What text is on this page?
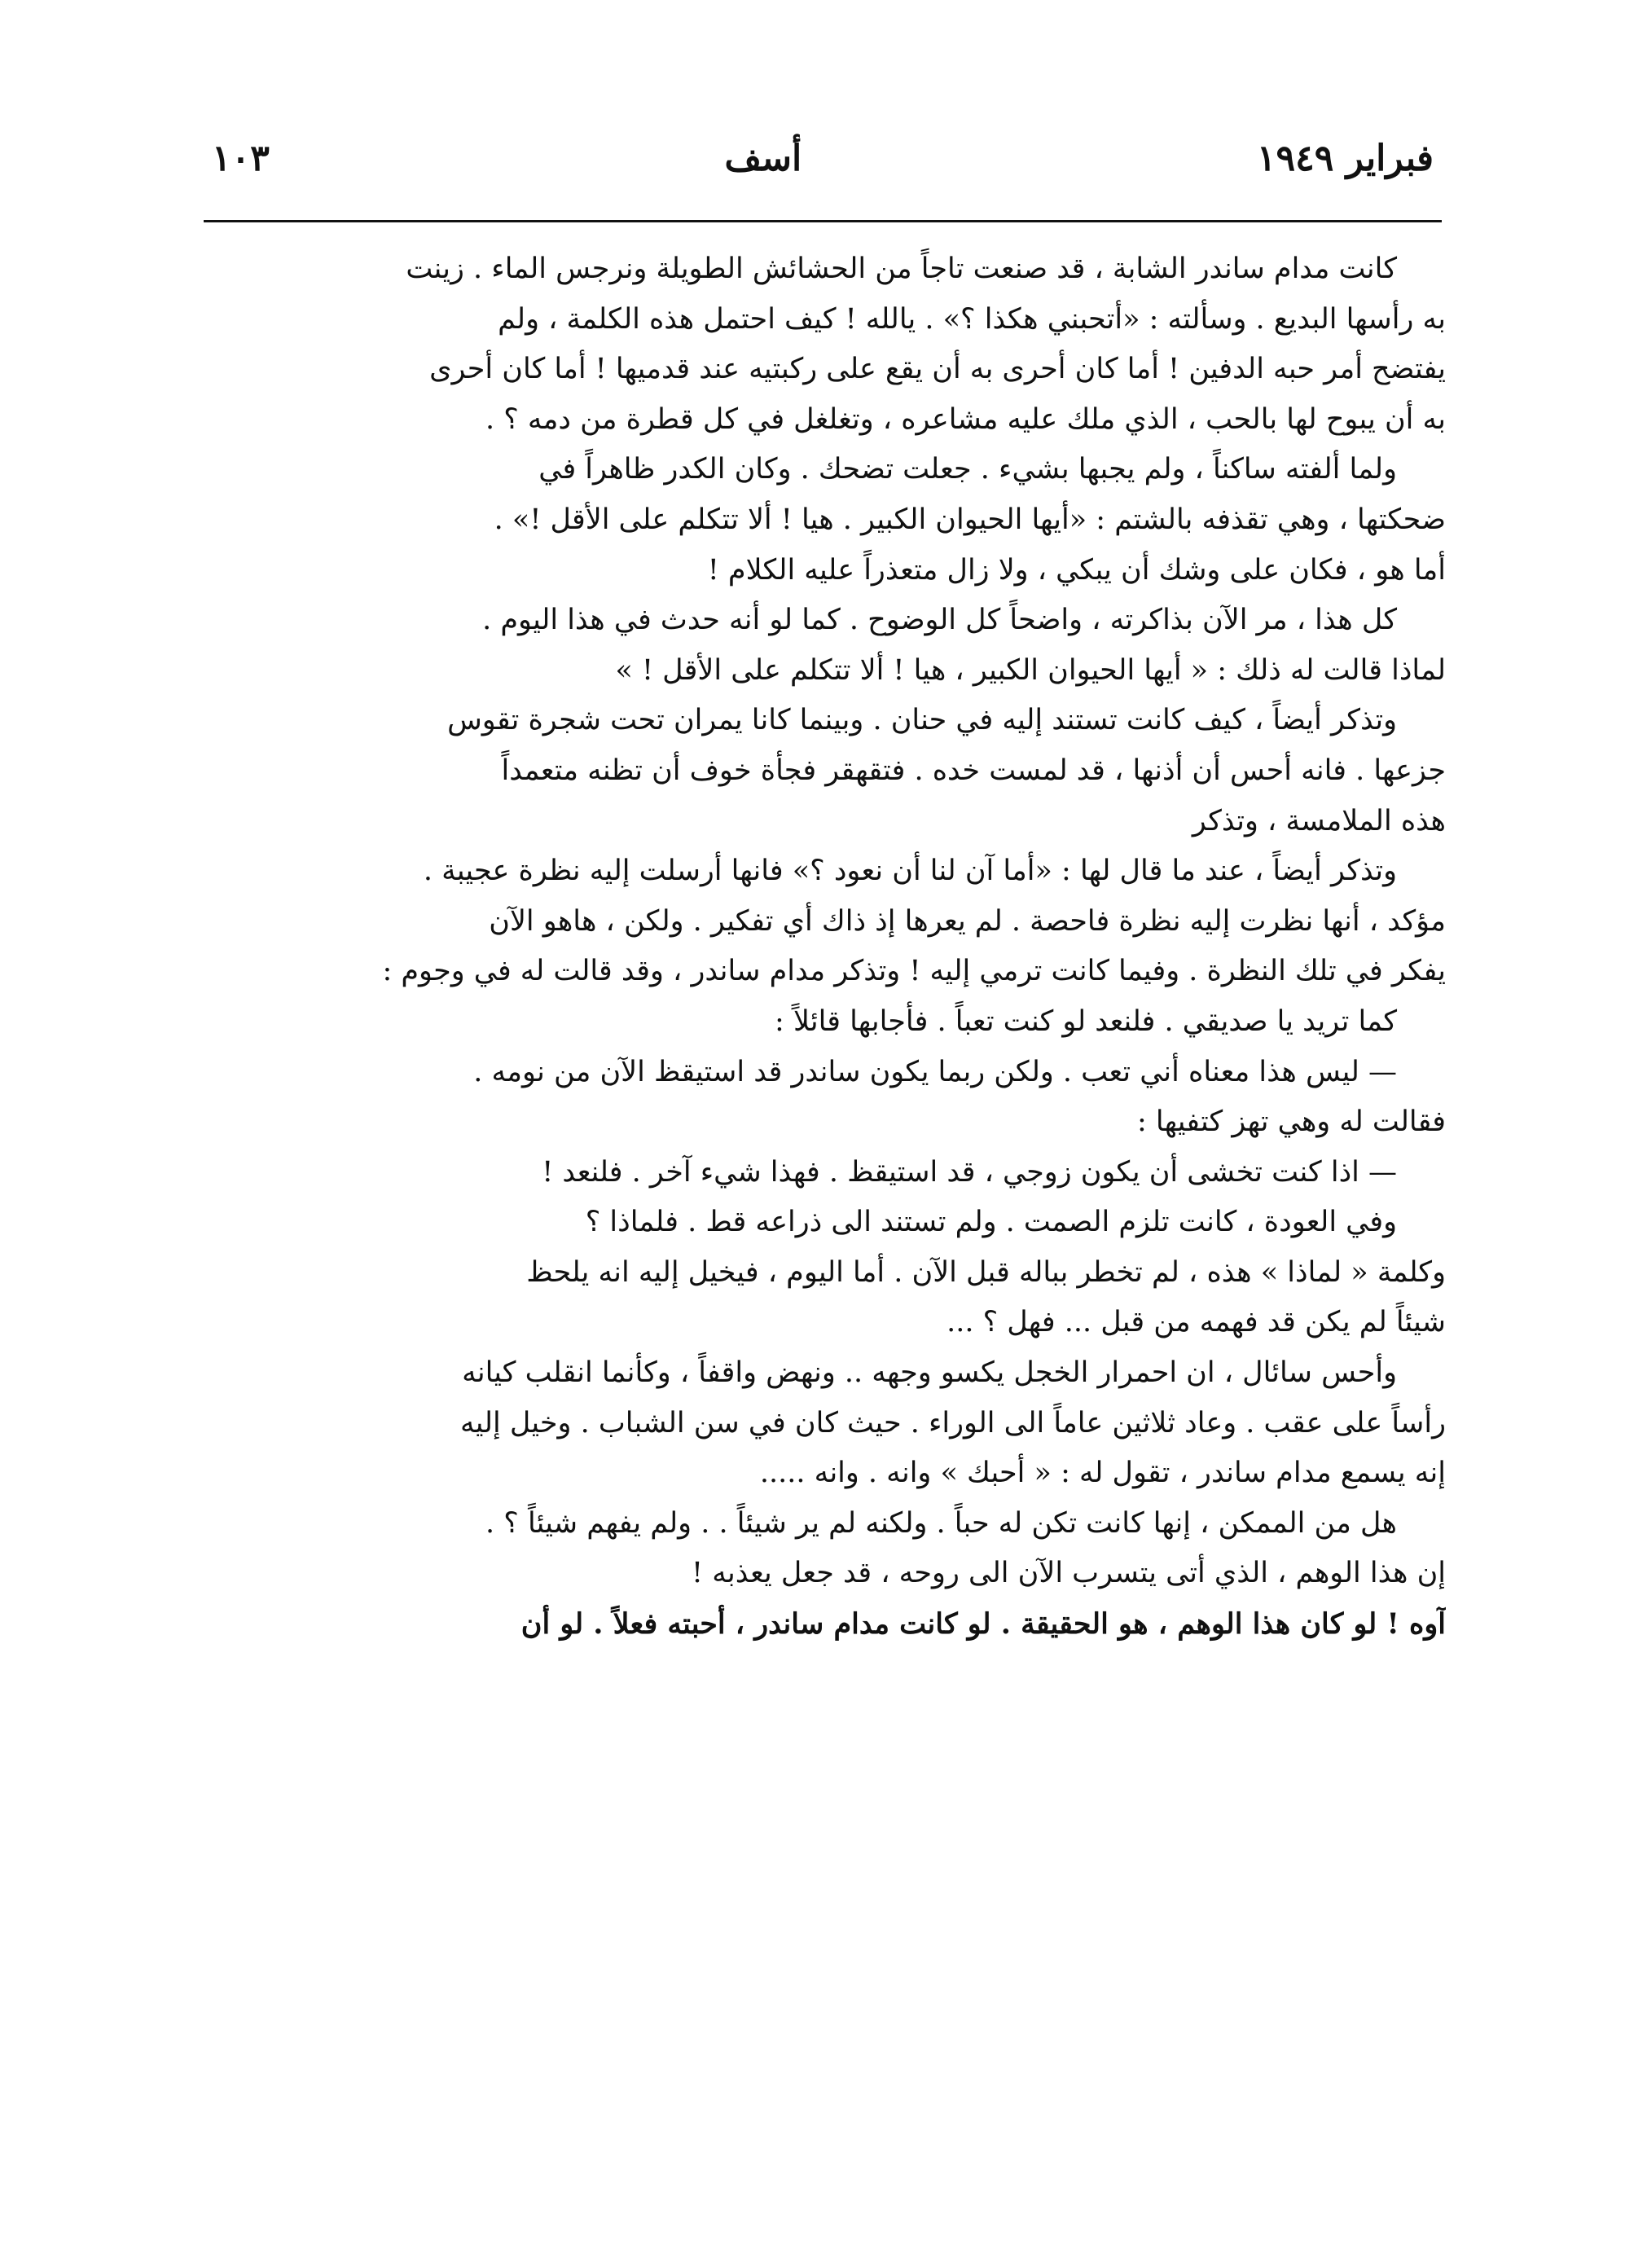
فبراير ١٩٤٩
أسف
١٠٣
كانت مدام ساندر الشابة ، قد صنعت تاجاً من الحشائش الطويلة ونرجس الماء . زينت
به رأسها البديع . وسألته : «أتحبني هكذا ؟» . يالله ! كيف احتمل هذه الكلمة ، ولم
يفتضح أمر حبه الدفين ! أما كان أحرى به أن يقع على ركبتيه عند قدميها ! أما كان أحرى
به أن يبوح لها بالحب ، الذي ملك عليه مشاعره ، وتغلغل في كل قطرة من دمه ؟ .
ولما ألفته ساكناً ، ولم يجبها بشيء . جعلت تضحك . وكان الكدر ظاهراً في
ضحكتها ، وهي تقذفه بالشتم : «أيها الحيوان الكبير . هيا ! ألا تتكلم على الأقل !» .
أما هو ، فكان على وشك أن يبكي ، ولا زال متعذراً عليه الكلام !
كل هذا ، مر الآن بذاكرته ، واضحاً كل الوضوح . كما لو أنه حدث في هذا اليوم .
لماذا قالت له ذلك : « أيها الحيوان الكبير ، هيا ! ألا تتكلم على الأقل ! »
وتذكر أيضاً ، كيف كانت تستند إليه في حنان . وبينما كانا يمران تحت شجرة تقوس
جزعها . فانه أحس أن أذنها ، قد لمست خده . فتقهقر فجأة خوف أن تظنه متعمداً
هذه الملامسة ، وتذكر
وتذكر أيضاً ، عند ما قال لها : «أما آن لنا أن نعود ؟» فانها أرسلت إليه نظرة عجيبة .
مؤكد ، أنها نظرت إليه نظرة فاحصة . لم يعرها إذ ذاك أي تفكير . ولكن ، هاهو الآن
يفكر في تلك النظرة . وفيما كانت ترمي إليه ! وتذكر مدام ساندر ، وقد قالت له في وجوم :
كما تريد يا صديقي . فلنعد لو كنت تعباً . فأجابها قائلاً :
— ليس هذا معناه أني تعب . ولكن ربما يكون ساندر قد استيقظ الآن من نومه .
فقالت له وهي تهز كتفيها :
— اذا كنت تخشى أن يكون زوجي ، قد استيقظ . فهذا شيء آخر . فلنعد !
وفي العودة ، كانت تلزم الصمت . ولم تستند الى ذراعه قط . فلماذا ؟
وكلمة « لماذا » هذه ، لم تخطر بباله قبل الآن . أما اليوم ، فيخيل إليه انه يلحظ
شيئاً لم يكن قد فهمه من قبل ... فهل ؟ ...
وأحس سائال ، ان احمرار الخجل يكسو وجهه .. ونهض واقفاً ، وكأنما انقلب كيانه
رأساً على عقب . وعاد ثلاثين عاماً الى الوراء . حيث كان في سن الشباب . وخيل إليه
إنه يسمع مدام ساندر ، تقول له : « أحبك » وانه . وانه .....
هل من الممكن ، إنها كانت تكن له حباً . ولكنه لم ير شيئاً . . ولم يفهم شيئاً ؟ .
إن هذا الوهم ، الذي أتى يتسرب الآن الى روحه ، قد جعل يعذبه !
آوه ! لو كان هذا الوهم ، هو الحقيقة . لو كانت مدام ساندر ، أحبته فعلاً . لو أن
